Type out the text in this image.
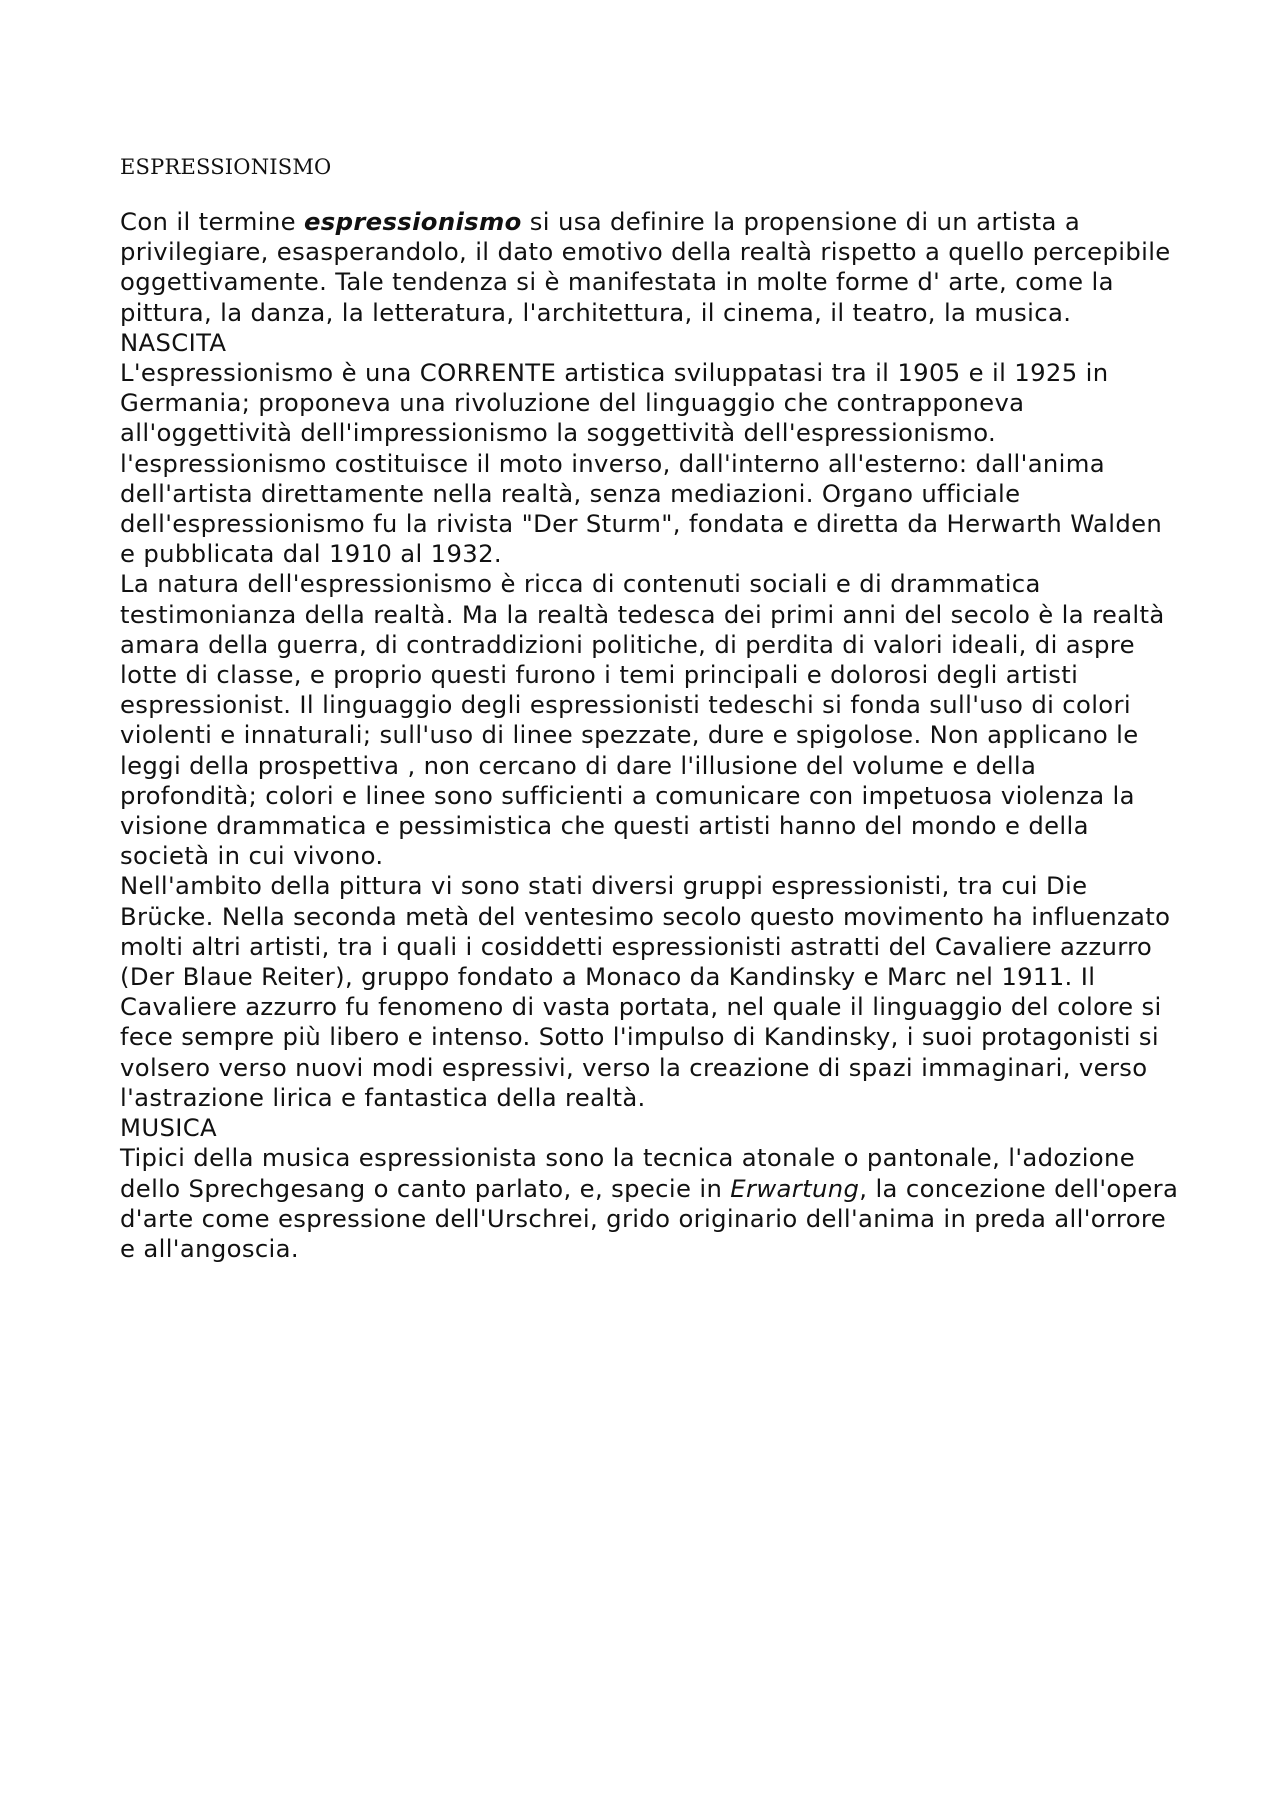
ESPRESSIONISMO

Con il termine espressionismo si usa definire la propensione di un artista a privilegiare, esasperandolo, il dato emotivo della realtà rispetto a quello percepibile oggettivamente. Tale tendenza si è manifestata in molte forme d' arte, come la pittura, la danza, la letteratura, l'architettura, il cinema, il teatro, la musica.

NASCITA

L'espressionismo è una CORRENTE artistica sviluppatasi tra il 1905 e il 1925 in Germania; proponeva una rivoluzione del linguaggio che contrapponeva all'oggettività dell'impressionismo la soggettività dell'espressionismo. l'espressionismo costituisce il moto inverso, dall'interno all'esterno: dall'anima dell'artista direttamente nella realtà, senza mediazioni. Organo ufficiale dell'espressionismo fu la rivista "Der Sturm", fondata e diretta da Herwarth Walden e pubblicata dal 1910 al 1932.

La natura dell'espressionismo è ricca di contenuti sociali e di drammatica testimonianza della realtà. Ma la realtà tedesca dei primi anni del secolo è la realtà amara della guerra, di contraddizioni politiche, di perdita di valori ideali, di aspre lotte di classe, e proprio questi furono i temi principali e dolorosi degli artisti espressionist. Il linguaggio degli espressionisti tedeschi si fonda sull'uso di colori violenti e innaturali; sull'uso di linee spezzate, dure e spigolose. Non applicano le leggi della prospettiva , non cercano di dare l'illusione del volume e della profondità; colori e linee sono sufficienti a comunicare con impetuosa violenza la visione drammatica e pessimistica che questi artisti hanno del mondo e della società in cui vivono.

Nell'ambito della pittura vi sono stati diversi gruppi espressionisti, tra cui Die Brücke. Nella seconda metà del ventesimo secolo questo movimento ha influenzato molti altri artisti, tra i quali i cosiddetti espressionisti astratti del Cavaliere azzurro (Der Blaue Reiter), gruppo fondato a Monaco da Kandinsky e Marc nel 1911. Il Cavaliere azzurro fu fenomeno di vasta portata, nel quale il linguaggio del colore si fece sempre più libero e intenso. Sotto l'impulso di Kandinsky, i suoi protagonisti si volsero verso nuovi modi espressivi, verso la creazione di spazi immaginari, verso l'astrazione lirica e fantastica della realtà.

MUSICA

Tipici della musica espressionista sono la tecnica atonale o pantonale, l'adozione dello Sprechgesang o canto parlato, e, specie in Erwartung, la concezione dell'opera d'arte come espressione dell'Urschrei, grido originario dell'anima in preda all'orrore e all'angoscia.
